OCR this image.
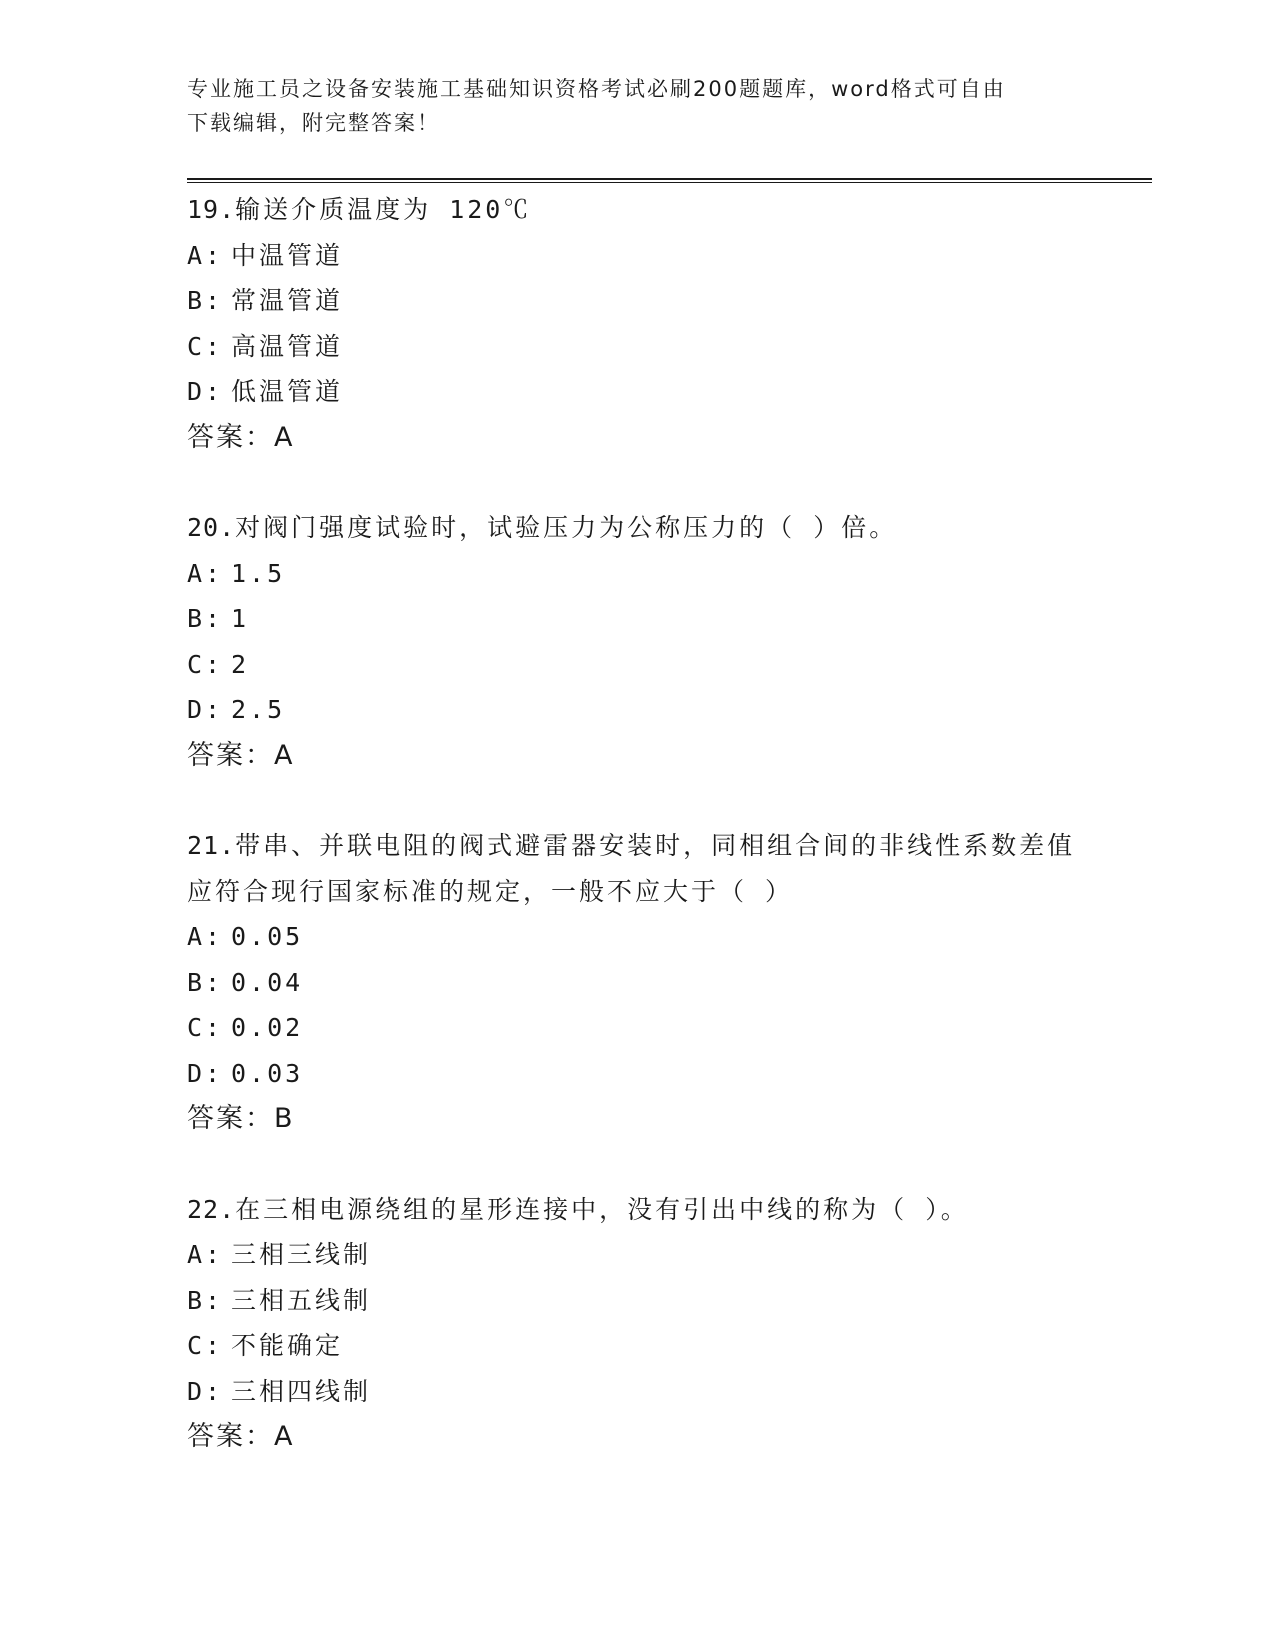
专业施工员之设备安装施工基础知识资格考试必刷200题题库，word格式可自由
下载编辑，附完整答案！
19.输送介质温度为 120℃
A: 中温管道
B: 常温管道
C: 高温管道
D: 低温管道
答案：A
20.对阀门强度试验时，试验压力为公称压力的（ ）倍。
A: 1.5
B: 1
C: 2
D: 2.5
答案：A
21.带串、并联电阻的阀式避雷器安装时，同相组合间的非线性系数差值应符合现行国家标准的规定，一般不应大于（ ）
A: 0.05
B: 0.04
C: 0.02
D: 0.03
答案：B
22.在三相电源绕组的星形连接中，没有引出中线的称为（ ）。
A: 三相三线制
B: 三相五线制
C: 不能确定
D: 三相四线制
答案：A
